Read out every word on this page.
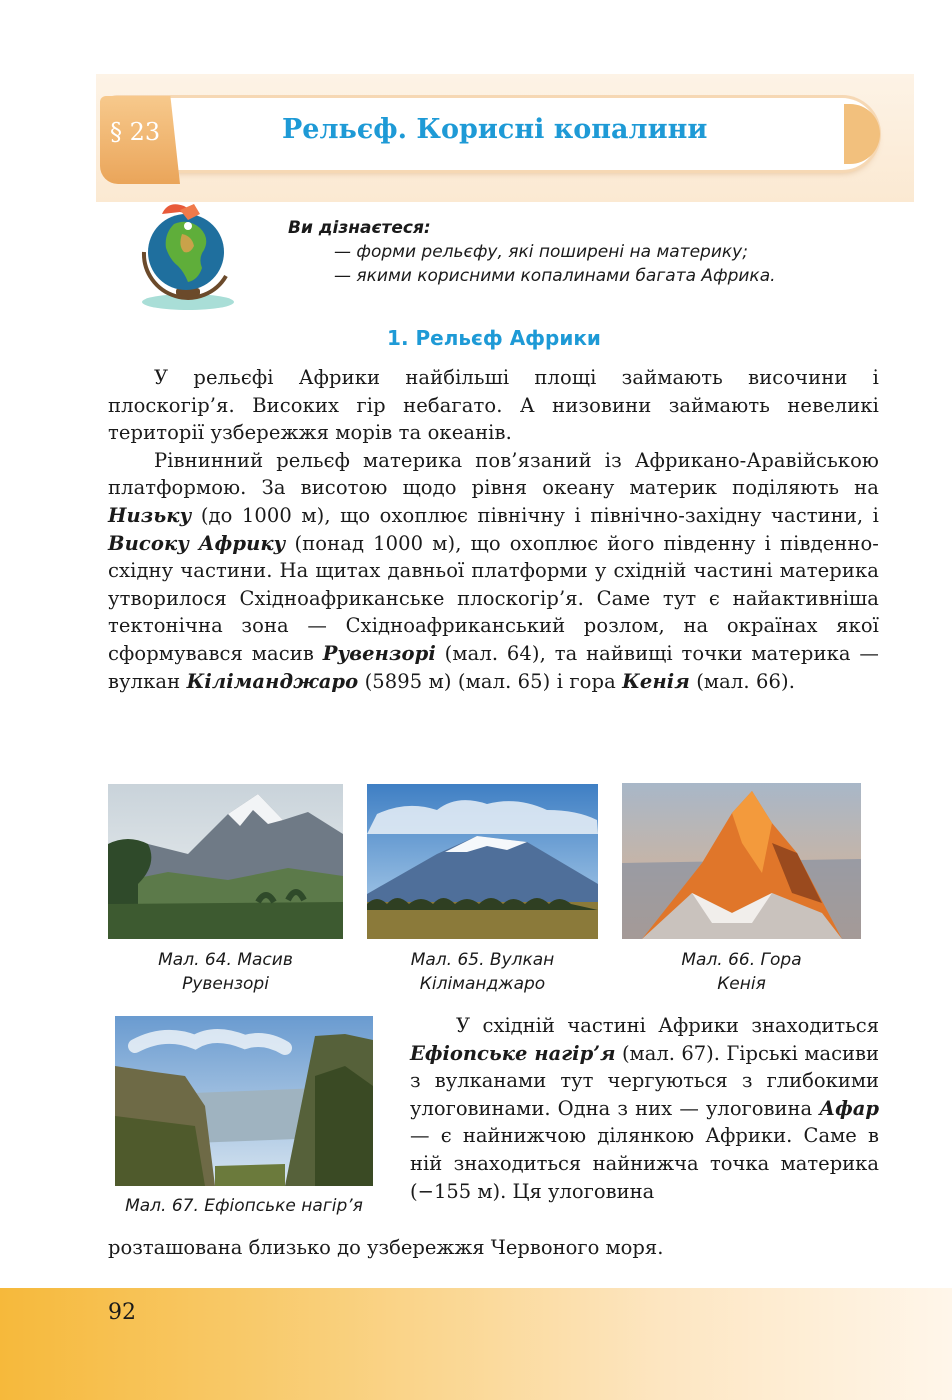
§ 23	Рельєф. Корисні копалини
Ви дізнаєтеся:
— форми рельєфу, які поширені на материку;
— якими корисними копалинами багата Африка.
1. Рельєф Африки

У рельєфі Африки найбільші площі займають височини і плоскогір’я. Високих гір небагато. А низовини займають невеликі території узбережжя морів та океанів.

Рівнинний рельєф материка пов’язаний із Африкано-Аравійською платформою. За висотою щодо рівня океану материк поділяють на Низьку (до 1000 м), що охоплює північну і північно-західну частини, і Високу Африку (понад 1000 м), що охоплює його південну і південно-східну частини. На щитах давньої платформи у східній частині материка утворилося Східноафриканське плоскогір’я. Саме тут є найактивніша тектонічна зона — Східноафриканський розлом, на окраїнах якої сформувався масив Рувензорі (мал. 64), та найвищі точки материка — вулкан Кіліманджаро (5895 м) (мал. 65) і гора Кенія (мал. 66).

Мал. 64. Масив
Рувензорі
Мал. 65. Вулкан
Кіліманджаро
Мал. 66. Гора
Кенія
Мал. 67. Ефіопське нагір’я

У східній частині Африки знаходиться Ефіопське нагір’я (мал. 67). Гірські масиви з вулканами тут чергуються з глибокими улоговинами. Одна з них — улоговина Афар — є найнижчою ділянкою Африки. Саме в ній знаходиться найнижча точка материка (−155 м). Ця улоговина

розташована близько до узбережжя Червоного моря.
92
